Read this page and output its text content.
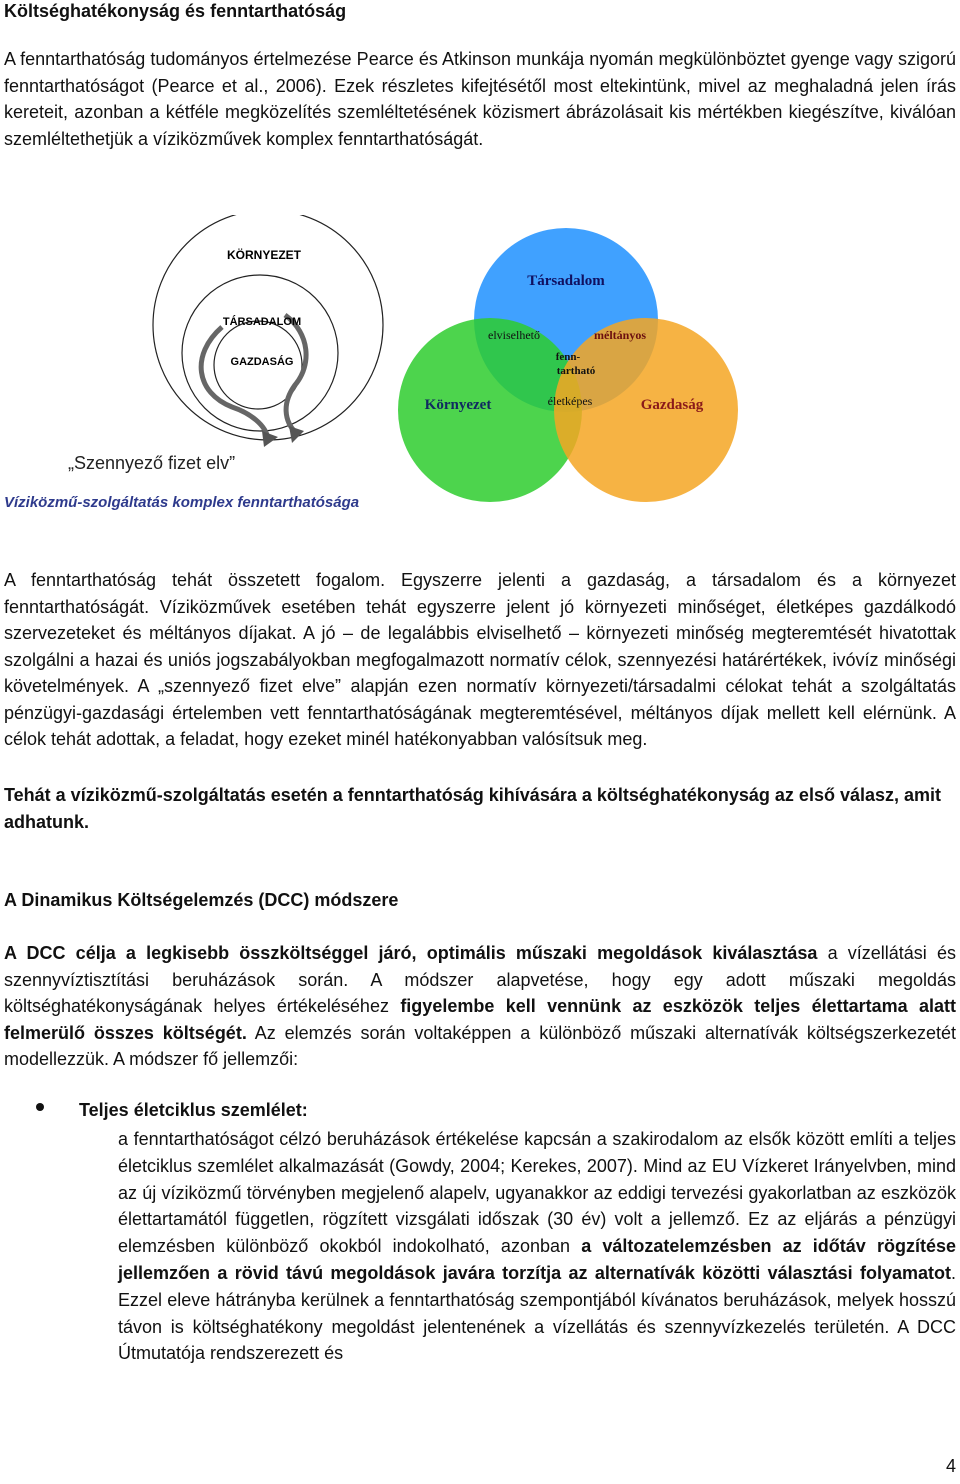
Költséghatékonyság és fenntarthatóság
A fenntarthatóság tudományos értelmezése Pearce és Atkinson munkája nyomán megkülönböztet gyenge vagy szigorú fenntarthatóságot (Pearce et al., 2006). Ezek részletes kifejtésétől most eltekintünk, mivel az meghaladná jelen írás kereteit, azonban a kétféle megközelítés szemléltetésének közismert ábrázolásait kis mértékben kiegészítve, kiválóan szemléltethetjük a víziközművek komplex fenntarthatóságát.
KÖRNYEZET
TÁRSADALOM
GAZDASÁG
„Szennyező fizet elv”
Társadalom
Környezet	Gazdaság
elviselhető	méltányos
életképes
fenn-
tartható
Víziközmű-szolgáltatás komplex fenntarthatósága
A fenntarthatóság tehát összetett fogalom. Egyszerre jelenti a gazdaság, a társadalom és a környezet fenntarthatóságát. Víziközművek esetében tehát egyszerre jelent jó környezeti minőséget, életképes gazdálkodó szervezeteket és méltányos díjakat. A jó – de legalábbis elviselhető – környezeti minőség megteremtését hivatottak szolgálni a hazai és uniós jogszabályokban megfogalmazott normatív célok, szennyezési határértékek, ivóvíz minőségi követelmények. A „szennyező fizet elve” alapján ezen normatív környezeti/társadalmi célokat tehát a szolgáltatás pénzügyi-gazdasági értelemben vett fenntarthatóságának megteremtésével, méltányos díjak mellett kell elérnünk. A célok tehát adottak, a feladat, hogy ezeket minél hatékonyabban valósítsuk meg.
Tehát a víziközmű-szolgáltatás esetén a fenntarthatóság kihívására a költséghatékonyság az első válasz, amit adhatunk.
A Dinamikus Költségelemzés (DCC) módszere
A DCC célja a legkisebb összköltséggel járó, optimális műszaki megoldások kiválasztása a vízellátási és szennyvíztisztítási beruházások során. A módszer alapvetése, hogy egy adott műszaki megoldás költséghatékonyságának helyes értékeléséhez figyelembe kell vennünk az eszközök teljes élettartama alatt felmerülő összes költségét. Az elemzés során voltaképpen a különböző műszaki alternatívák költségszerkezetét modellezzük. A módszer fő jellemzői:
Teljes életciklus szemlélet:
a fenntarthatóságot célzó beruházások értékelése kapcsán a szakirodalom az elsők között említi a teljes életciklus szemlélet alkalmazását (Gowdy, 2004; Kerekes, 2007). Mind az EU Vízkeret Irányelvben, mind az új víziközmű törvényben megjelenő alapelv, ugyanakkor az eddigi tervezési gyakorlatban az eszközök élettartamától független, rögzített vizsgálati időszak (30 év) volt a jellemző. Ez az eljárás a pénzügyi elemzésben különböző okokból indokolható, azonban a változatelemzésben az időtáv rögzítése jellemzően a rövid távú megoldások javára torzítja az alternatívák közötti választási folyamatot. Ezzel eleve hátrányba kerülnek a fenntarthatóság szempontjából kívánatos beruházások, melyek hosszú távon is költséghatékony megoldást jelentenének a vízellátás és szennyvízkezelés területén. A DCC Útmutatója rendszerezett és
4
